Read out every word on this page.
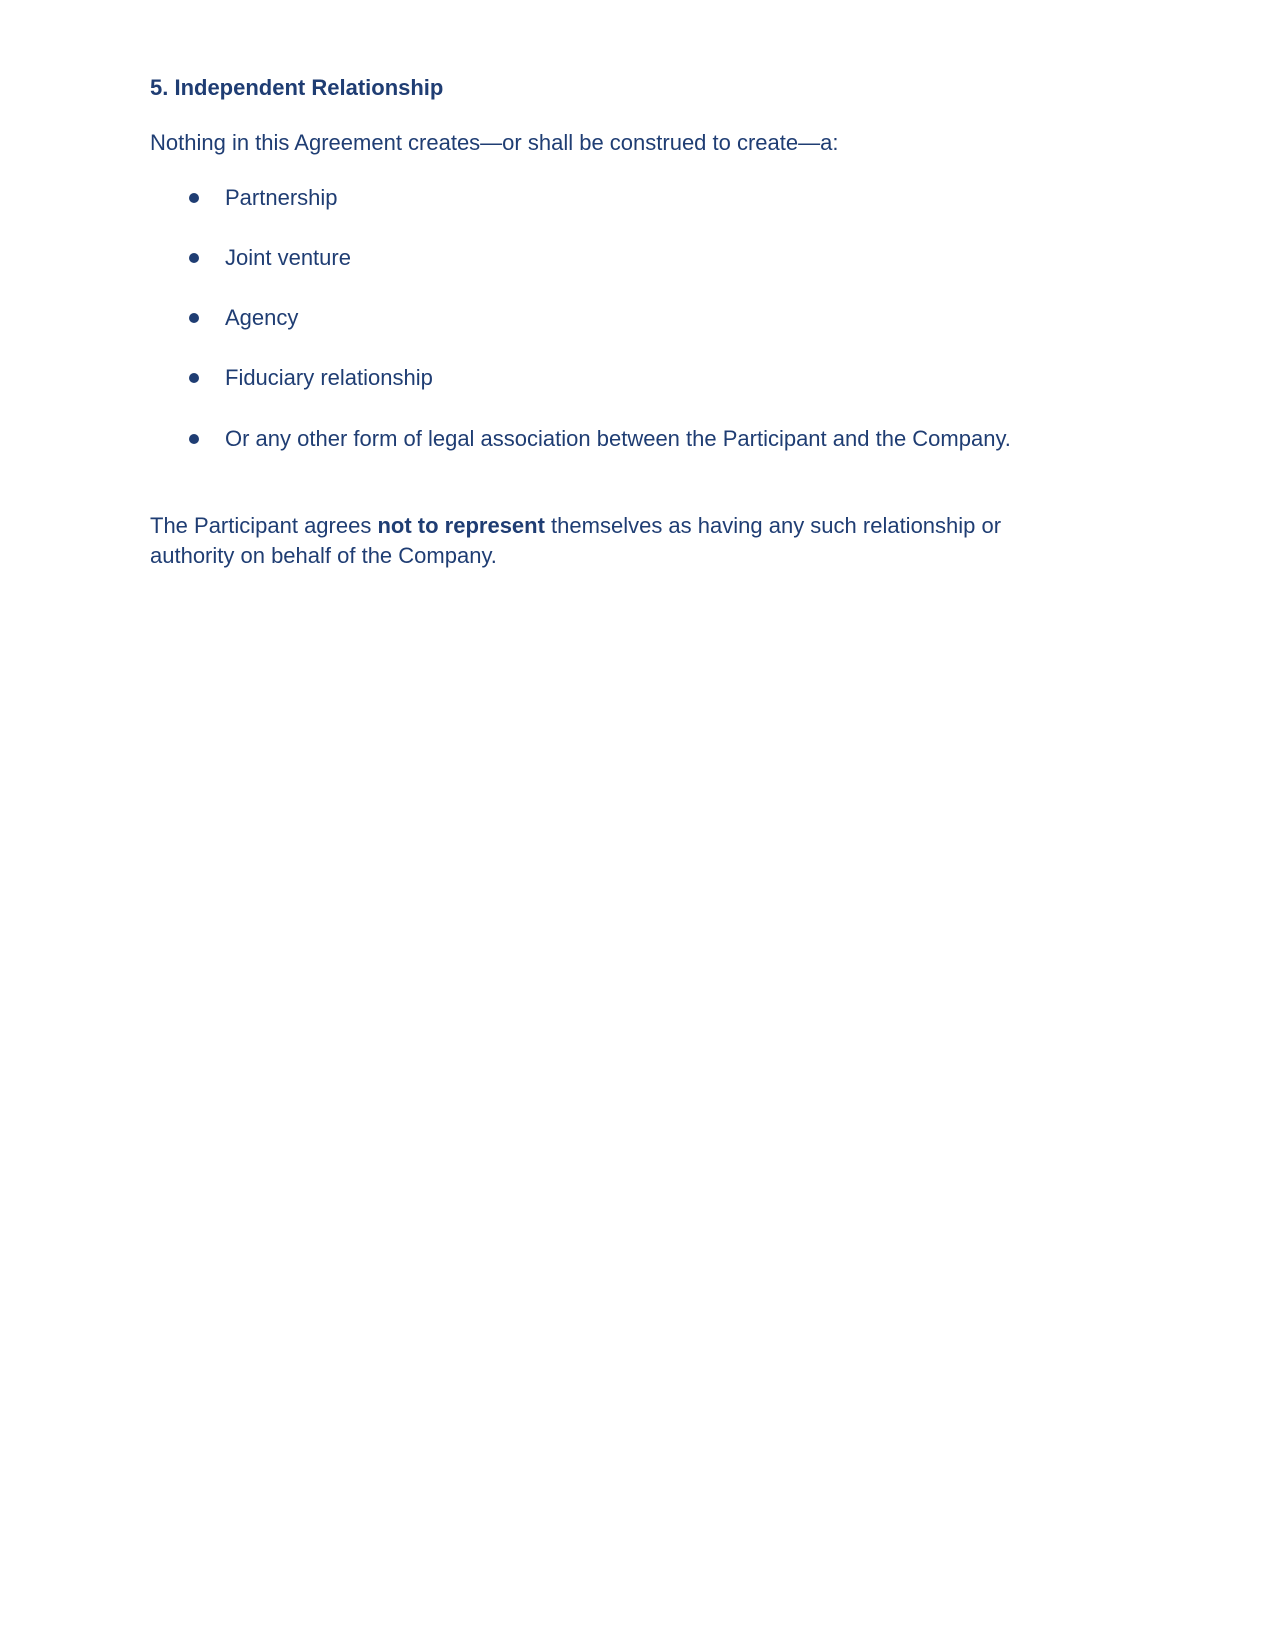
5. Independent Relationship

Nothing in this Agreement creates—or shall be construed to create—a:

Partnership
Joint venture
Agency
Fiduciary relationship
Or any other form of legal association between the Participant and the Company.

The Participant agrees not to represent themselves as having any such relationship or authority on behalf of the Company.
